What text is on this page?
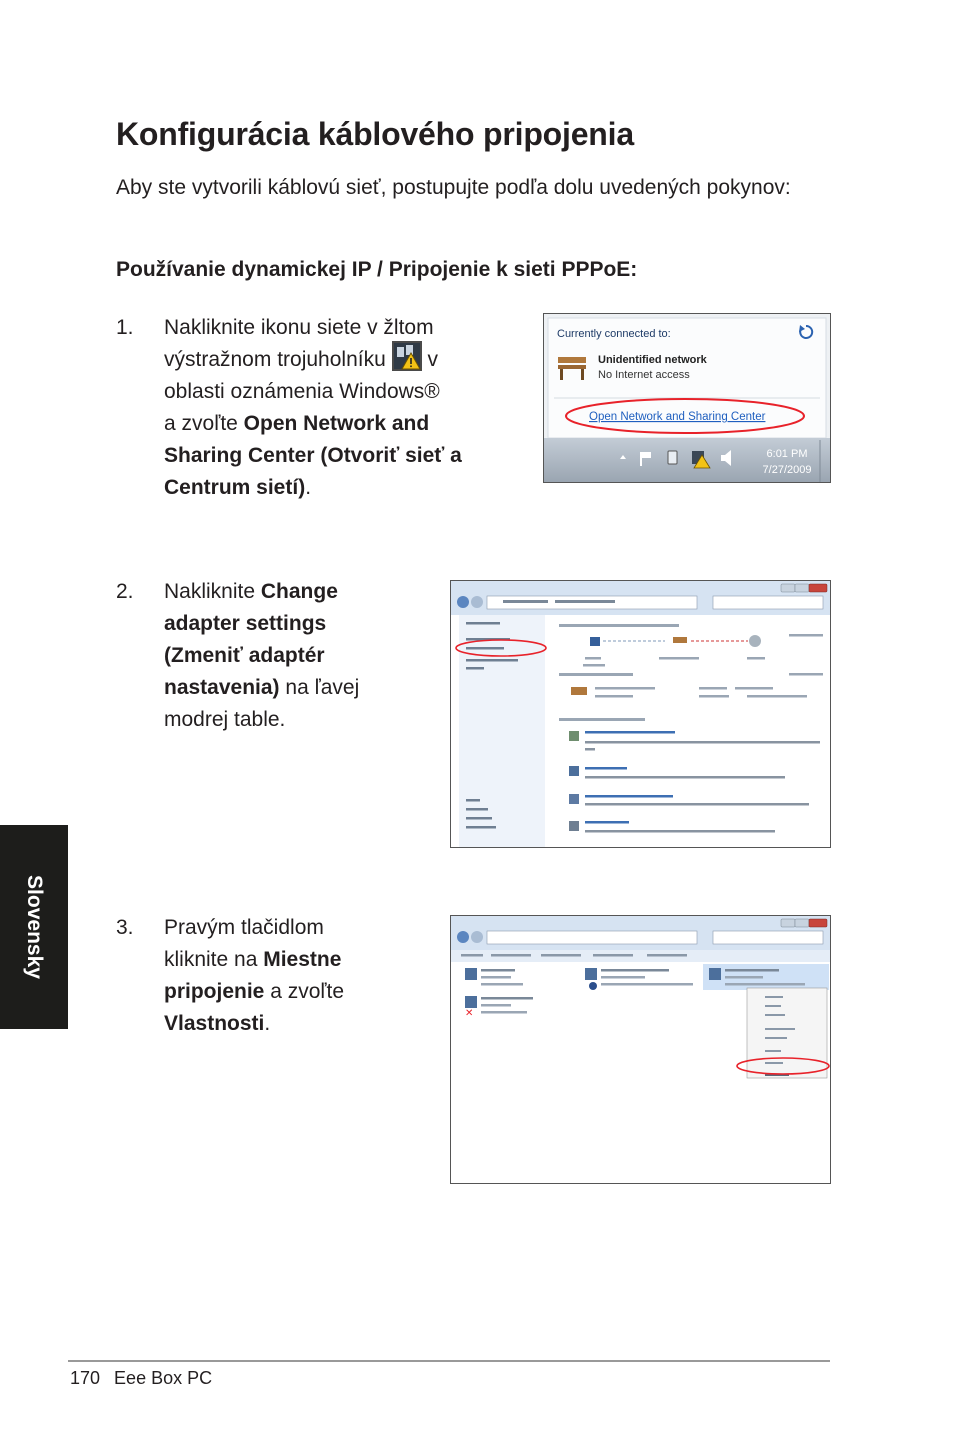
Konfigurácia káblového pripojenia
Aby ste vytvorili káblovú sieť, postupujte podľa dolu uvedených pokynov:
Používanie dynamickej IP / Pripojenie k sieti PPPoE:
1. Nakliknite ikonu siete v žltom
výstražnom trojuholníku v
oblasti oznámenia Windows®
a zvoľte Open Network and
Sharing Center (Otvoriť sieť a
Centrum sietí).
Currently connected to:
Unidentified network
No Internet access
Open Network and Sharing Center
6:01 PM
7/27/2009
2. Nakliknite Change
adapter settings
(Zmeniť adaptér
nastavenia) na ľavej
modrej table.
3. Pravým tlačidlom
kliknite na Miestne
pripojenie a zvoľte
Vlastnosti.	✕
Slovensky
170 Eee Box PC
